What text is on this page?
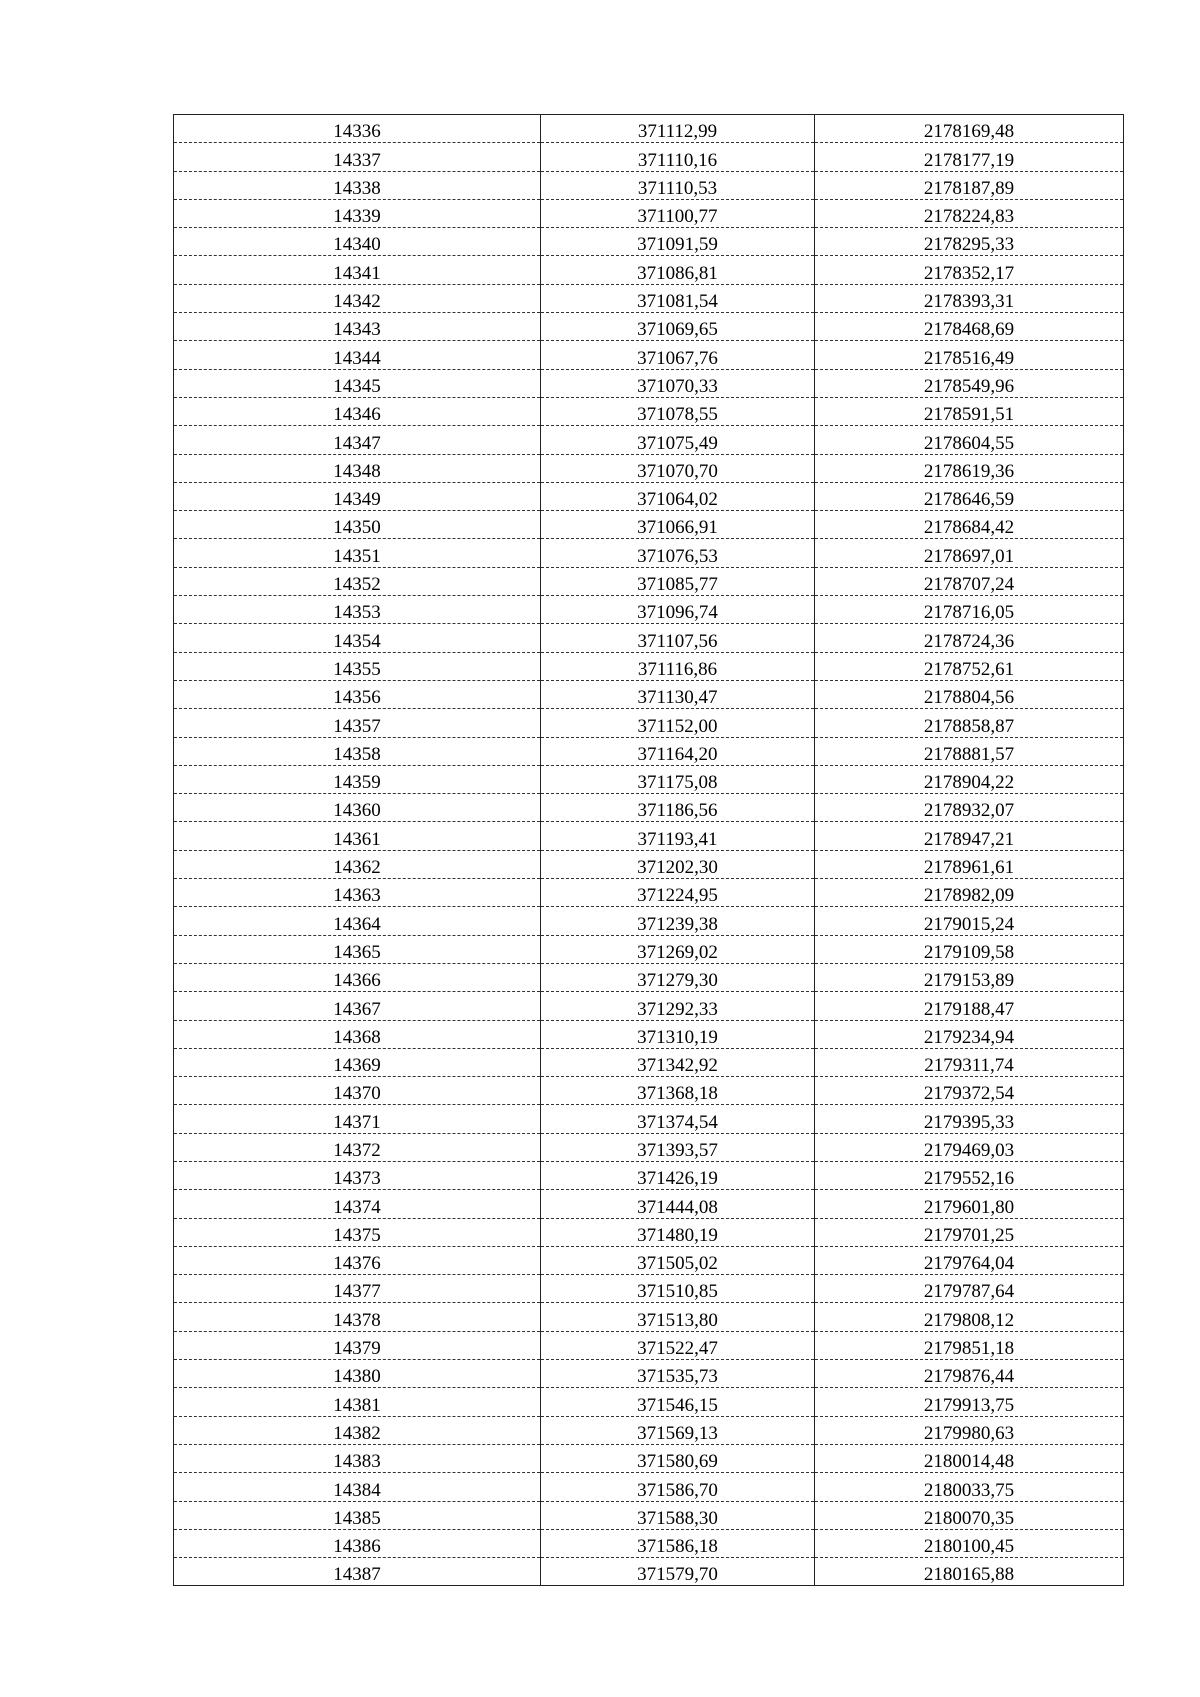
14336	371112,99	2178169,48
14337	371110,16	2178177,19
14338	371110,53	2178187,89
14339	371100,77	2178224,83
14340	371091,59	2178295,33
14341	371086,81	2178352,17
14342	371081,54	2178393,31
14343	371069,65	2178468,69
14344	371067,76	2178516,49
14345	371070,33	2178549,96
14346	371078,55	2178591,51
14347	371075,49	2178604,55
14348	371070,70	2178619,36
14349	371064,02	2178646,59
14350	371066,91	2178684,42
14351	371076,53	2178697,01
14352	371085,77	2178707,24
14353	371096,74	2178716,05
14354	371107,56	2178724,36
14355	371116,86	2178752,61
14356	371130,47	2178804,56
14357	371152,00	2178858,87
14358	371164,20	2178881,57
14359	371175,08	2178904,22
14360	371186,56	2178932,07
14361	371193,41	2178947,21
14362	371202,30	2178961,61
14363	371224,95	2178982,09
14364	371239,38	2179015,24
14365	371269,02	2179109,58
14366	371279,30	2179153,89
14367	371292,33	2179188,47
14368	371310,19	2179234,94
14369	371342,92	2179311,74
14370	371368,18	2179372,54
14371	371374,54	2179395,33
14372	371393,57	2179469,03
14373	371426,19	2179552,16
14374	371444,08	2179601,80
14375	371480,19	2179701,25
14376	371505,02	2179764,04
14377	371510,85	2179787,64
14378	371513,80	2179808,12
14379	371522,47	2179851,18
14380	371535,73	2179876,44
14381	371546,15	2179913,75
14382	371569,13	2179980,63
14383	371580,69	2180014,48
14384	371586,70	2180033,75
14385	371588,30	2180070,35
14386	371586,18	2180100,45
14387	371579,70	2180165,88
